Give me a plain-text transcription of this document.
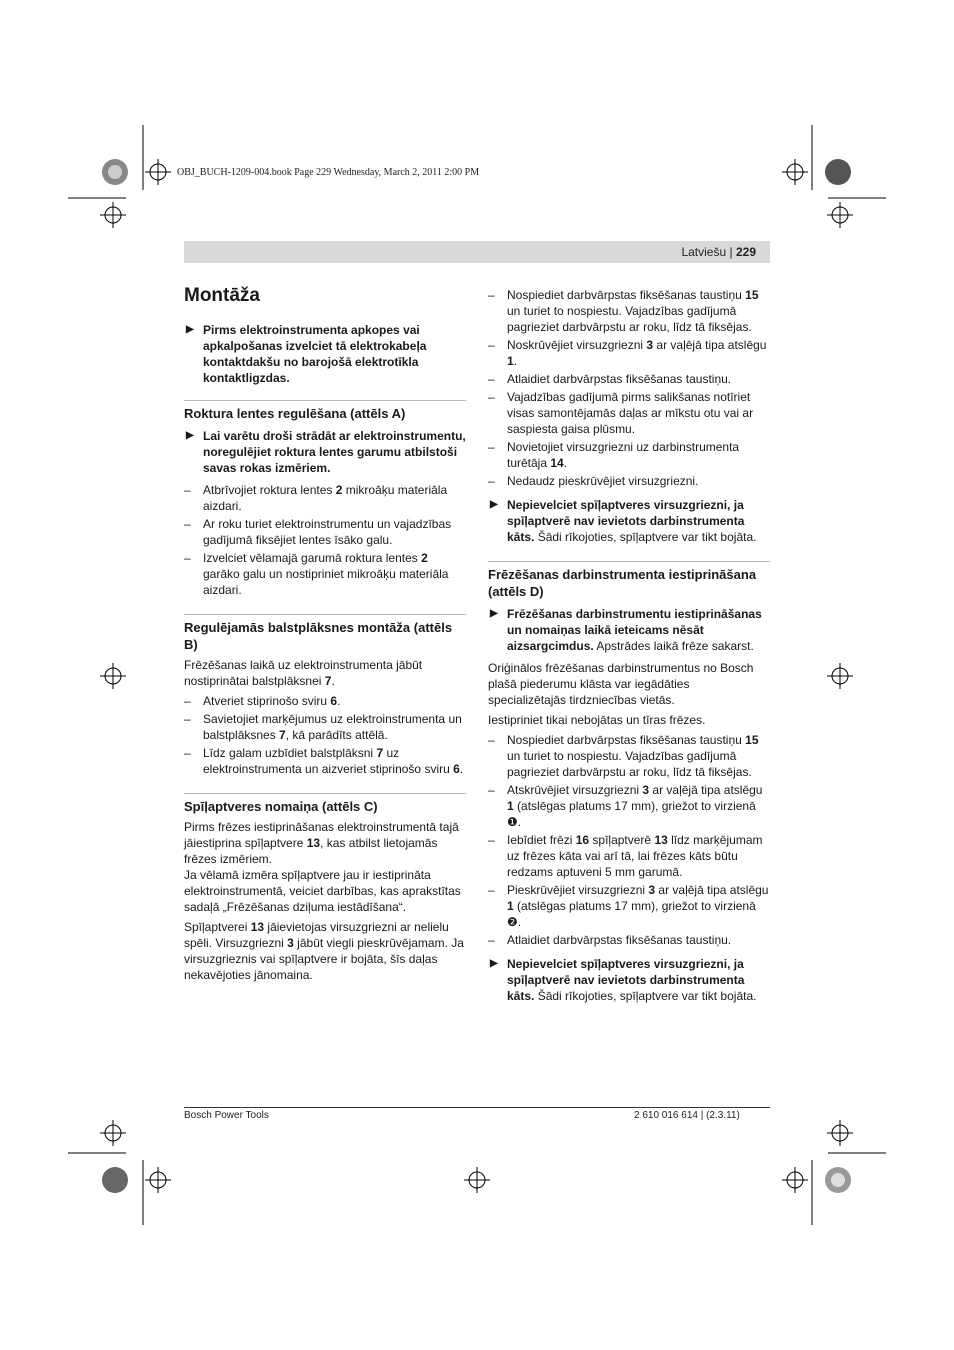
OBJ_BUCH-1209-004.book Page 229 Wednesday, March 2, 2011 2:00 PM
Latviešu | 229
Montāža
▶ Pirms elektroinstrumenta apkopes vai apkalpošanas izvelciet tā elektrokabeļa kontaktdakšu no barojošā elektrotīkla kontaktligzdas.
Roktura lentes regulēšana (attēls A)
▶ Lai varētu droši strādāt ar elektroinstrumentu, noregulējiet roktura lentes garumu atbilstoši savas rokas izmēriem.
– Atbrīvojiet roktura lentes 2 mikroāķu materiāla aizdari.
– Ar roku turiet elektroinstrumentu un vajadzības gadījumā fiksējiet lentes īsāko galu.
– Izvelciet vēlamajā garumā roktura lentes 2 garāko galu un nostipriniet mikroāķu materiāla aizdari.
Regulējamās balstplāksnes montāža (attēls B)

Frēzēšanas laikā uz elektroinstrumenta jābūt nostiprinātai balstplāksnei 7.

– Atveriet stiprinošo sviru 6.
– Savietojiet marķējumus uz elektroinstrumenta un balstplāksnes 7, kā parādīts attēlā.
– Līdz galam uzbīdiet balstplāksni 7 uz elektroinstrumenta un aizveriet stiprinošo sviru 6.
Spīļaptveres nomaiņa (attēls C)

Pirms frēzes iestiprināšanas elektroinstrumentā tajā jāiestiprina spīļaptvere 13, kas atbilst lietojamās frēzes izmēriem.
Ja vēlamā izmēra spīļaptvere jau ir iestiprināta elektroinstrumentā, veiciet darbības, kas aprakstītas sadaļā „Frēzēšanas dziļuma iestādīšana“.

Spīļaptverei 13 jāievietojas virsuzgriezni ar nelielu spēli. Virsuzgriezni 3 jābūt viegli pieskrūvējamam. Ja virsuzgrieznis vai spīļaptvere ir bojāta, šīs daļas nekavējoties jānomaina.

– Nospiediet darbvārpstas fiksēšanas taustiņu 15 un turiet to nospiestu. Vajadzības gadījumā pagrieziet darbvārpstu ar roku, līdz tā fiksējas.
– Noskrūvējiet virsuzgriezni 3 ar vaļējā tipa atslēgu 1.
– Atlaidiet darbvārpstas fiksēšanas taustiņu.
– Vajadzības gadījumā pirms salikšanas notīriet visas samontējamās daļas ar mīkstu otu vai ar saspiesta gaisa plūsmu.
– Novietojiet virsuzgriezni uz darbinstrumenta turētāja 14.
– Nedaudz pieskrūvējiet virsuzgriezni.
▶ Nepievelciet spīļaptveres virsuzgriezni, ja spīļaptverē nav ievietots darbinstrumenta kāts. Šādi rīkojoties, spīļaptvere var tikt bojāta.
Frēzēšanas darbinstrumenta iestiprināšana (attēls D)
▶ Frēzēšanas darbinstrumentu iestiprināšanas un nomaiņas laikā ieteicams nēsāt aizsargcimdus. Apstrādes laikā frēze sakarst.

Oriģinālos frēzēšanas darbinstrumentus no Bosch plašā piederumu klāsta var iegādāties specializētajās tirdzniecības vietās.

Iestipriniet tikai nebojātas un tīras frēzes.

– Nospiediet darbvārpstas fiksēšanas taustiņu 15 un turiet to nospiestu. Vajadzības gadījumā pagrieziet darbvārpstu ar roku, līdz tā fiksējas.
– Atskrūvējiet virsuzgriezni 3 ar vaļējā tipa atslēgu 1 (atslēgas platums 17 mm), griežot to virzienā ❶.
– Iebīdiet frēzi 16 spīļaptverē 13 līdz marķējumam uz frēzes kāta vai arī tā, lai frēzes kāts būtu redzams aptuveni 5 mm garumā.
– Pieskrūvējiet virsuzgriezni 3 ar vaļējā tipa atslēgu 1 (atslēgas platums 17 mm), griežot to virzienā ❷.
– Atlaidiet darbvārpstas fiksēšanas taustiņu.
▶ Nepievelciet spīļaptveres virsuzgriezni, ja spīļaptverē nav ievietots darbinstrumenta kāts. Šādi rīkojoties, spīļaptvere var tikt bojāta.
Bosch Power Tools	2 610 016 614 | (2.3.11)
